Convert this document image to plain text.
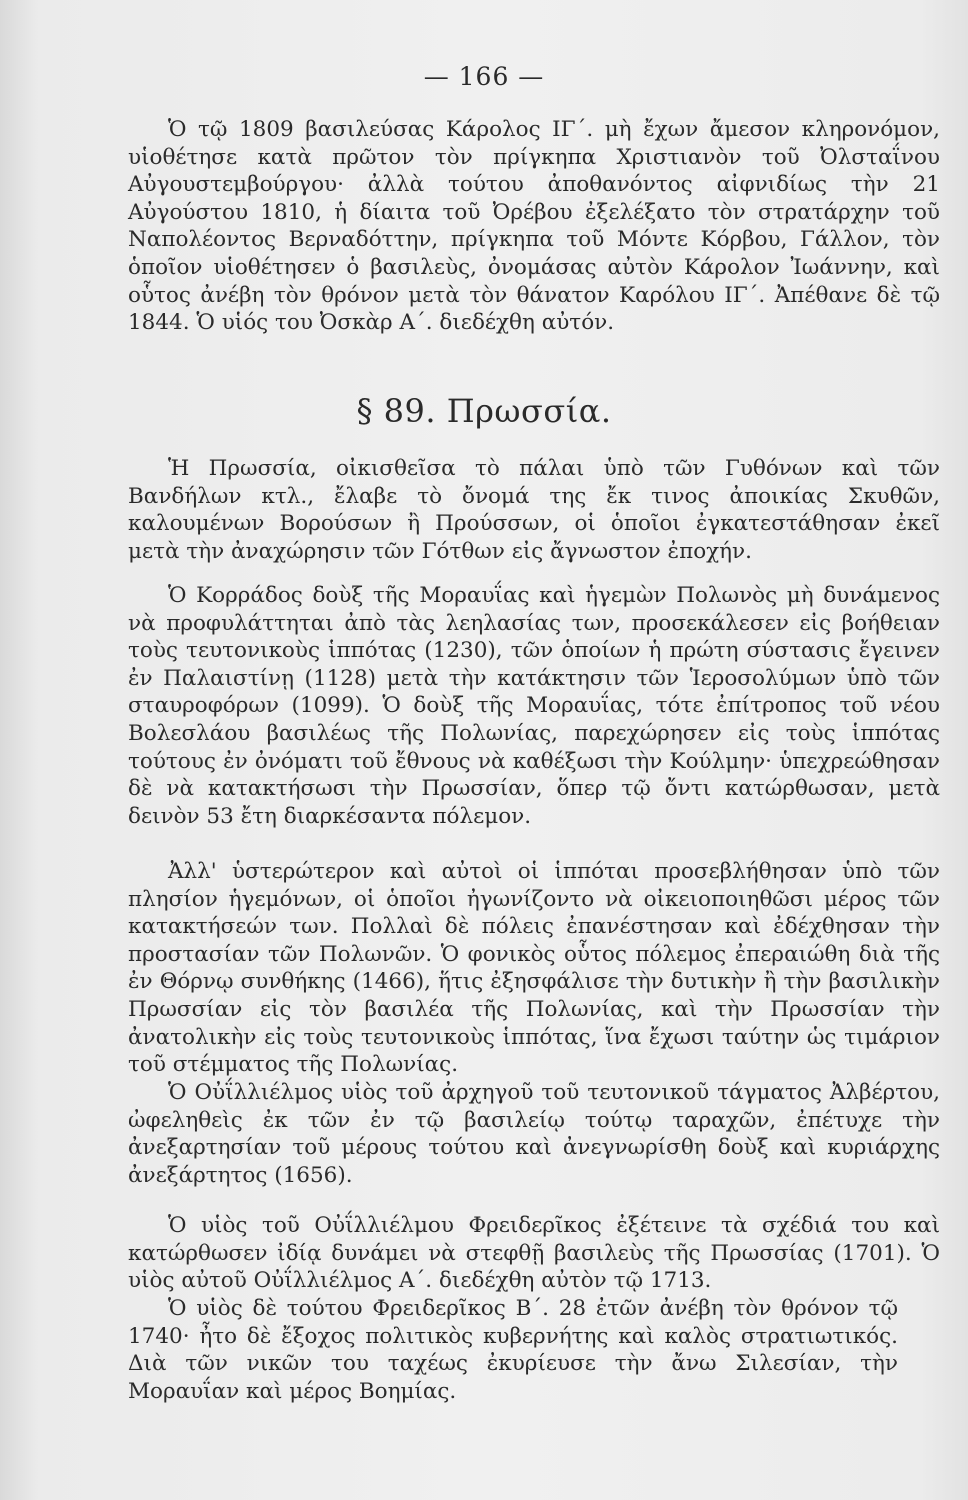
— 166 —

Ὁ τῷ 1809 βασιλεύσας Κάρολος ΙΓ΄. μὴ ἔχων ἄμεσον κληρονόμον, υἱοθέτησε κατὰ πρῶτον τὸν πρίγκηπα Χριστιανὸν τοῦ Ὀλσταΐνου Αὐγουστεμβούργου· ἀλλὰ τούτου ἀποθανόντος αἰφνιδίως τὴν 21 Αὐγούστου 1810, ἡ δίαιτα τοῦ Ὀρέβου ἐξελέξατο τὸν στρατάρχην τοῦ Ναπολέοντος Βερναδόττην, πρίγκηπα τοῦ Μόντε Κόρβου, Γάλλον, τὸν ὁποῖον υἱοθέτησεν ὁ βασιλεὺς, ὀνομάσας αὐτὸν Κάρολον Ἰωάννην, καὶ οὗτος ἀνέβη τὸν θρόνον μετὰ τὸν θάνατον Καρόλου ΙΓ΄. Ἀπέθανε δὲ τῷ 1844. Ὁ υἱός του Ὀσκὰρ Α΄. διεδέχθη αὐτόν.

§ 89. Πρωσσία.

Ἡ Πρωσσία, οἰκισθεῖσα τὸ πάλαι ὑπὸ τῶν Γυθόνων καὶ τῶν Βανδήλων κτλ., ἔλαβε τὸ ὄνομά της ἔκ τινος ἀποικίας Σκυθῶν, καλουμένων Βορούσων ἢ Προύσσων, οἱ ὁποῖοι ἐγκατεστάθησαν ἐκεῖ μετὰ τὴν ἀναχώρησιν τῶν Γότθων εἰς ἄγνωστον ἐποχήν.

Ὁ Κορράδος δοὺξ τῆς Μοραυΐας καὶ ἡγεμὼν Πολωνὸς μὴ δυνάμενος νὰ προφυλάττηται ἀπὸ τὰς λεηλασίας των, προσεκάλεσεν εἰς βοήθειαν τοὺς τευτονικοὺς ἱππότας (1230), τῶν ὁποίων ἡ πρώτη σύστασις ἔγεινεν ἐν Παλαιστίνῃ (1128) μετὰ τὴν κατάκτησιν τῶν Ἱεροσολύμων ὑπὸ τῶν σταυροφόρων (1099). Ὁ δοὺξ τῆς Μοραυΐας, τότε ἐπίτροπος τοῦ νέου Βολεσλάου βασιλέως τῆς Πολωνίας, παρεχώρησεν εἰς τοὺς ἱππότας τούτους ἐν ὀνόματι τοῦ ἔθνους νὰ καθέξωσι τὴν Κούλμην· ὑπεχρεώθησαν δὲ νὰ κατακτήσωσι τὴν Πρωσσίαν, ὅπερ τῷ ὄντι κατώρθωσαν, μετὰ δεινὸν 53 ἔτη διαρκέσαντα πόλεμον.

Ἀλλ' ὑστερώτερον καὶ αὐτοὶ οἱ ἱππόται προσεβλήθησαν ὑπὸ τῶν πλησίον ἡγεμόνων, οἱ ὁποῖοι ἠγωνίζοντο νὰ οἰκειοποιηθῶσι μέρος τῶν κατακτήσεών των. Πολλαὶ δὲ πόλεις ἐπανέστησαν καὶ ἐδέχθησαν τὴν προστασίαν τῶν Πολωνῶν. Ὁ φονικὸς οὗτος πόλεμος ἐπεραιώθη διὰ τῆς ἐν Θόρνῳ συνθήκης (1466), ἥτις ἐξησφάλισε τὴν δυτικὴν ἢ τὴν βασιλικὴν Πρωσσίαν εἰς τὸν βασιλέα τῆς Πολωνίας, καὶ τὴν Πρωσσίαν τὴν ἀνατολικὴν εἰς τοὺς τευτονικοὺς ἱππότας, ἵνα ἔχωσι ταύτην ὡς τιμάριον τοῦ στέμματος τῆς Πολωνίας.

Ὁ Οὐΐλλιέλμος υἱὸς τοῦ ἀρχηγοῦ τοῦ τευτονικοῦ τάγματος Ἀλβέρτου, ὠφεληθεὶς ἐκ τῶν ἐν τῷ βασιλείῳ τούτῳ ταραχῶν, ἐπέτυχε τὴν ἀνεξαρτησίαν τοῦ μέρους τούτου καὶ ἀνεγνωρίσθη δοὺξ καὶ κυριάρχης ἀνεξάρτητος (1656).

Ὁ υἱὸς τοῦ Οὐΐλλιέλμου Φρειδερῖκος ἐξέτεινε τὰ σχέδιά του καὶ κατώρθωσεν ἰδίᾳ δυνάμει νὰ στεφθῇ βασιλεὺς τῆς Πρωσσίας (1701). Ὁ υἱὸς αὐτοῦ Οὐΐλλιέλμος Α΄. διεδέχθη αὐτὸν τῷ 1713.

Ὁ υἱὸς δὲ τούτου Φρειδερῖκος Β΄. 28 ἐτῶν ἀνέβη τὸν θρόνον τῷ 1740· ἦτο δὲ ἔξοχος πολιτικὸς κυβερνήτης καὶ καλὸς στρατιωτικός. Διὰ τῶν νικῶν του ταχέως ἐκυρίευσε τὴν ἄνω Σιλεσίαν, τὴν Μοραυΐαν καὶ μέρος Βοημίας.
